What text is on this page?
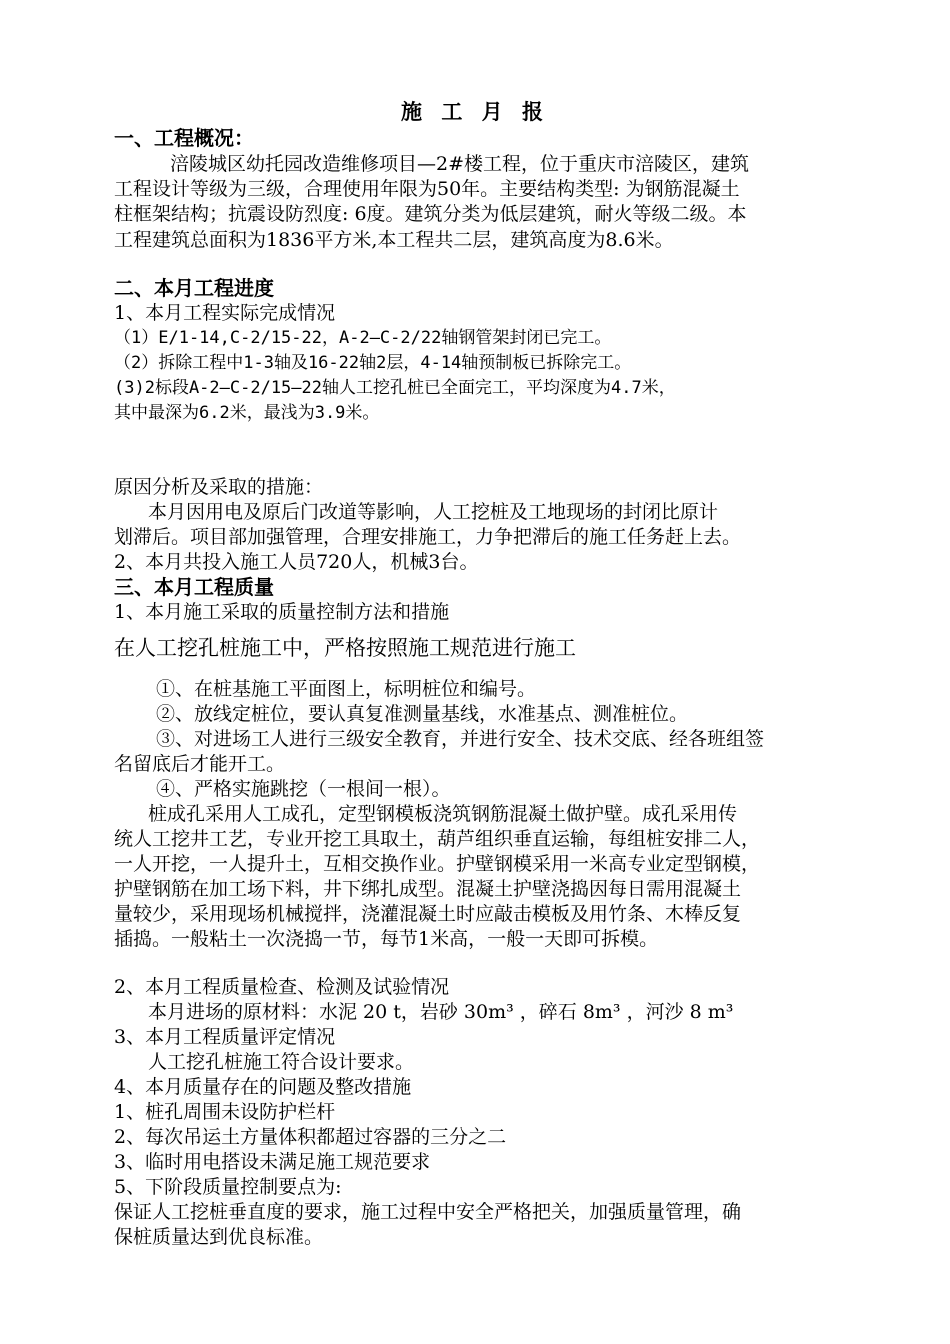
施 工 月 报
一、工程概况：
涪陵城区幼托园改造维修项目—2#楼工程，位于重庆市涪陵区，建筑
工程设计等级为三级，合理使用年限为50年。主要结构类型: 为钢筋混凝土
柱框架结构；抗震设防烈度: 6度。建筑分类为低层建筑，耐火等级二级。本
工程建筑总面积为1836平方米,本工程共二层，建筑高度为8.6米。
二、本月工程进度
1、本月工程实际完成情况
（1）E/1-14,C-2/15-22，A-2—C-2/22轴钢管架封闭已完工。
（2）拆除工程中1-3轴及16-22轴2层，4-14轴预制板已拆除完工。
(3)2标段A-2—C-2/15—22轴人工挖孔桩已全面完工，平均深度为4.7米，
其中最深为6.2米，最浅为3.9米。
原因分析及采取的措施：
本月因用电及原后门改道等影响，人工挖桩及工地现场的封闭比原计
划滞后。项目部加强管理，合理安排施工，力争把滞后的施工任务赶上去。
2、本月共投入施工人员720人，机械3台。
三、本月工程质量
1、本月施工采取的质量控制方法和措施
在人工挖孔桩施工中，严格按照施工规范进行施工
①、在桩基施工平面图上，标明桩位和编号。
②、放线定桩位，要认真复准测量基线，水准基点、测准桩位。
③、对进场工人进行三级安全教育，并进行安全、技术交底、经各班组签
名留底后才能开工。
④、严格实施跳挖（一根间一根）。
桩成孔采用人工成孔，定型钢模板浇筑钢筋混凝土做护壁。成孔采用传
统人工挖井工艺，专业开挖工具取土，葫芦组织垂直运输，每组桩安排二人，
一人开挖，一人提升土，互相交换作业。护壁钢模采用一米高专业定型钢模，
护壁钢筋在加工场下料，井下绑扎成型。混凝土护壁浇捣因每日需用混凝土
量较少，采用现场机械搅拌，浇灌混凝土时应敲击模板及用竹条、木棒反复
插捣。一般粘土一次浇捣一节，每节1米高，一般一天即可拆模。
2、本月工程质量检查、检测及试验情况
本月进场的原材料：水泥 20 t，岩砂 30m³ ，碎石 8m³ ，河沙 8 m³
3、本月工程质量评定情况
人工挖孔桩施工符合设计要求。
4、本月质量存在的问题及整改措施
1、桩孔周围未设防护栏杆
2、每次吊运土方量体积都超过容器的三分之二
3、临时用电搭设未满足施工规范要求
5、下阶段质量控制要点为:
保证人工挖桩垂直度的要求，施工过程中安全严格把关，加强质量管理，确
保桩质量达到优良标准。
